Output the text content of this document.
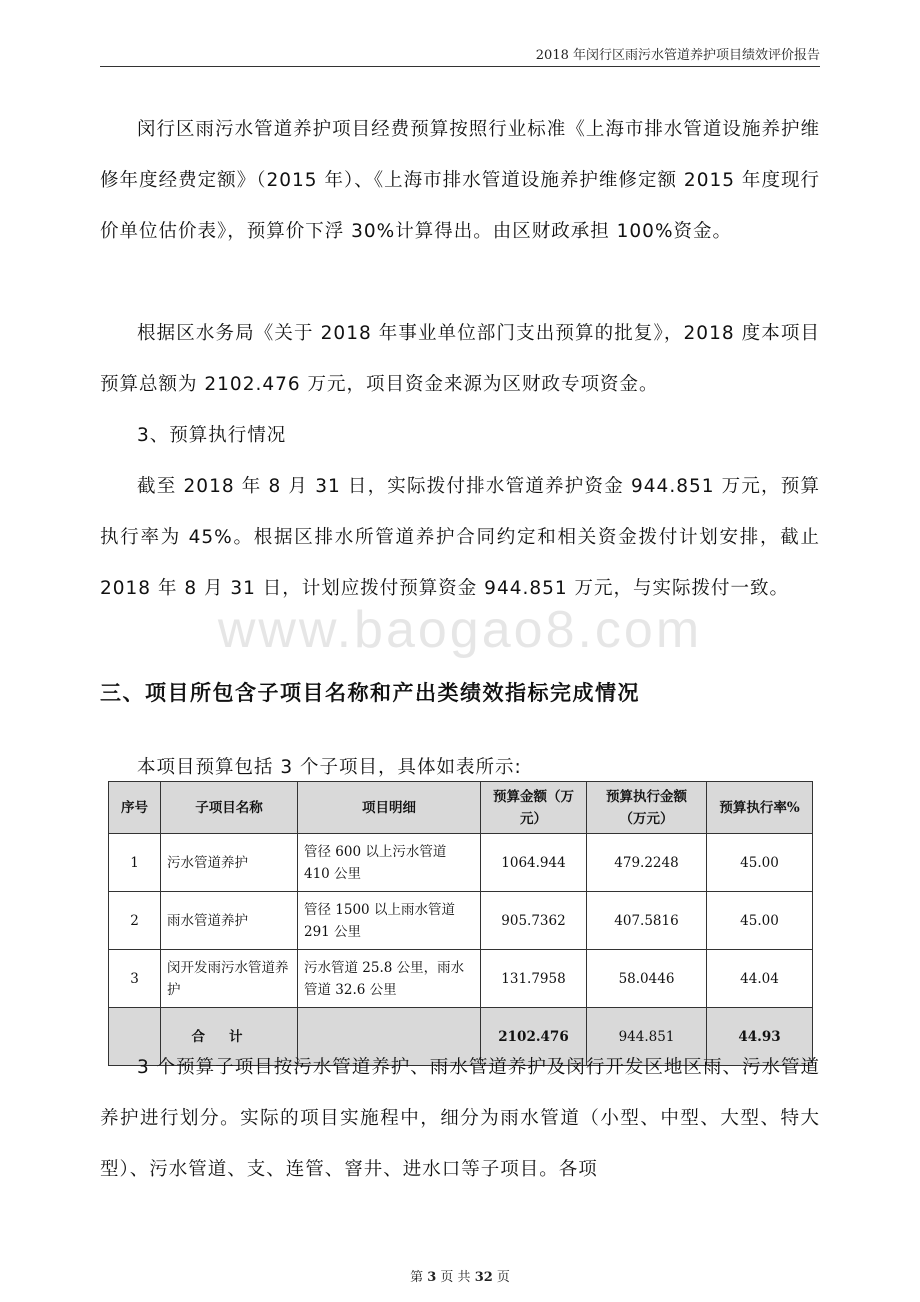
2018 年闵行区雨污水管道养护项目绩效评价报告

闵行区雨污水管道养护项目经费预算按照行业标准《上海市排水管道设施养护维修年度经费定额》（2015 年）、《上海市排水管道设施养护维修定额 2015 年度现行价单位估价表》，预算价下浮 30%计算得出。由区财政承担 100%资金。

根据区水务局《关于 2018 年事业单位部门支出预算的批复》，2018 度本项目预算总额为 2102.476 万元，项目资金来源为区财政专项资金。

3、预算执行情况

截至 2018 年 8 月 31 日，实际拨付排水管道养护资金 944.851 万元，预算执行率为 45%。根据区排水所管道养护合同约定和相关资金拨付计划安排，截止 2018 年 8 月 31 日，计划应拨付预算资金 944.851 万元，与实际拨付一致。

www.baogao8.com
三、项目所包含子项目名称和产出类绩效指标完成情况

本项目预算包括 3 个子项目，具体如表所示:

序号	子项目名称	项目明细	预算金额（万元）	预算执行金额（万元）	预算执行率%
1	污水管道养护	管径 600 以上污水管道 410 公里	1064.944	479.2248	45.00
2	雨水管道养护	管径 1500 以上雨水管道 291 公里	905.7362	407.5816	45.00
3	闵开发雨污水管道养护	污水管道 25.8 公里，雨水管道 32.6 公里	131.7958	58.0446	44.04
	合计		2102.476	944.851	44.93

3 个预算子项目按污水管道养护、雨水管道养护及闵行开发区地区雨、污水管道养护进行划分。实际的项目实施程中，细分为雨水管道（小型、中型、大型、特大型）、污水管道、支、连管、窨井、进水口等子项目。各项

第 3 页 共 32 页
